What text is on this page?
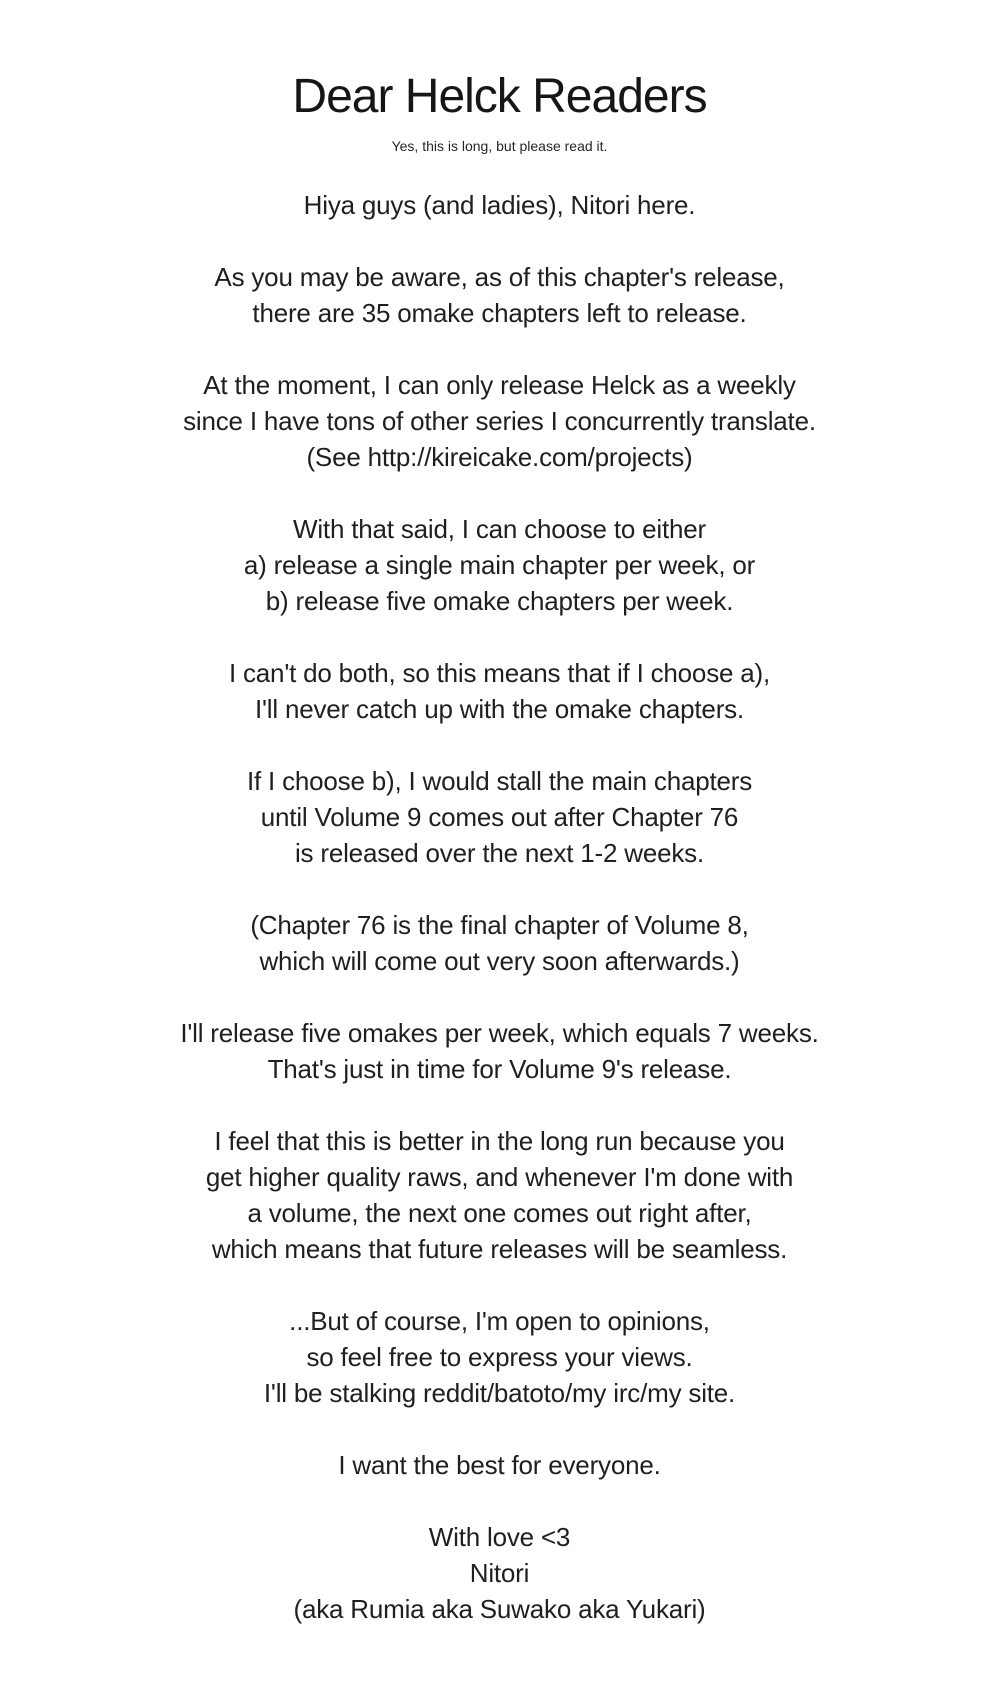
Dear Helck Readers
Yes, this is long, but please read it.

Hiya guys (and ladies), Nitori here.

As you may be aware, as of this chapter's release,
there are 35 omake chapters left to release.

At the moment, I can only release Helck as a weekly
since I have tons of other series I concurrently translate.
(See http://kireicake.com/projects)

With that said, I can choose to either
a) release a single main chapter per week, or
b) release five omake chapters per week.

I can't do both, so this means that if I choose a),
I'll never catch up with the omake chapters.

If I choose b), I would stall the main chapters
until Volume 9 comes out after Chapter 76
is released over the next 1-2 weeks.

(Chapter 76 is the final chapter of Volume 8,
which will come out very soon afterwards.)

I'll release five omakes per week, which equals 7 weeks.
That's just in time for Volume 9's release.

I feel that this is better in the long run because you
get higher quality raws, and whenever I'm done with
a volume, the next one comes out right after,
which means that future releases will be seamless.

...But of course, I'm open to opinions,
so feel free to express your views.
I'll be stalking reddit/batoto/my irc/my site.

I want the best for everyone.

With love <3
Nitori
(aka Rumia aka Suwako aka Yukari)
